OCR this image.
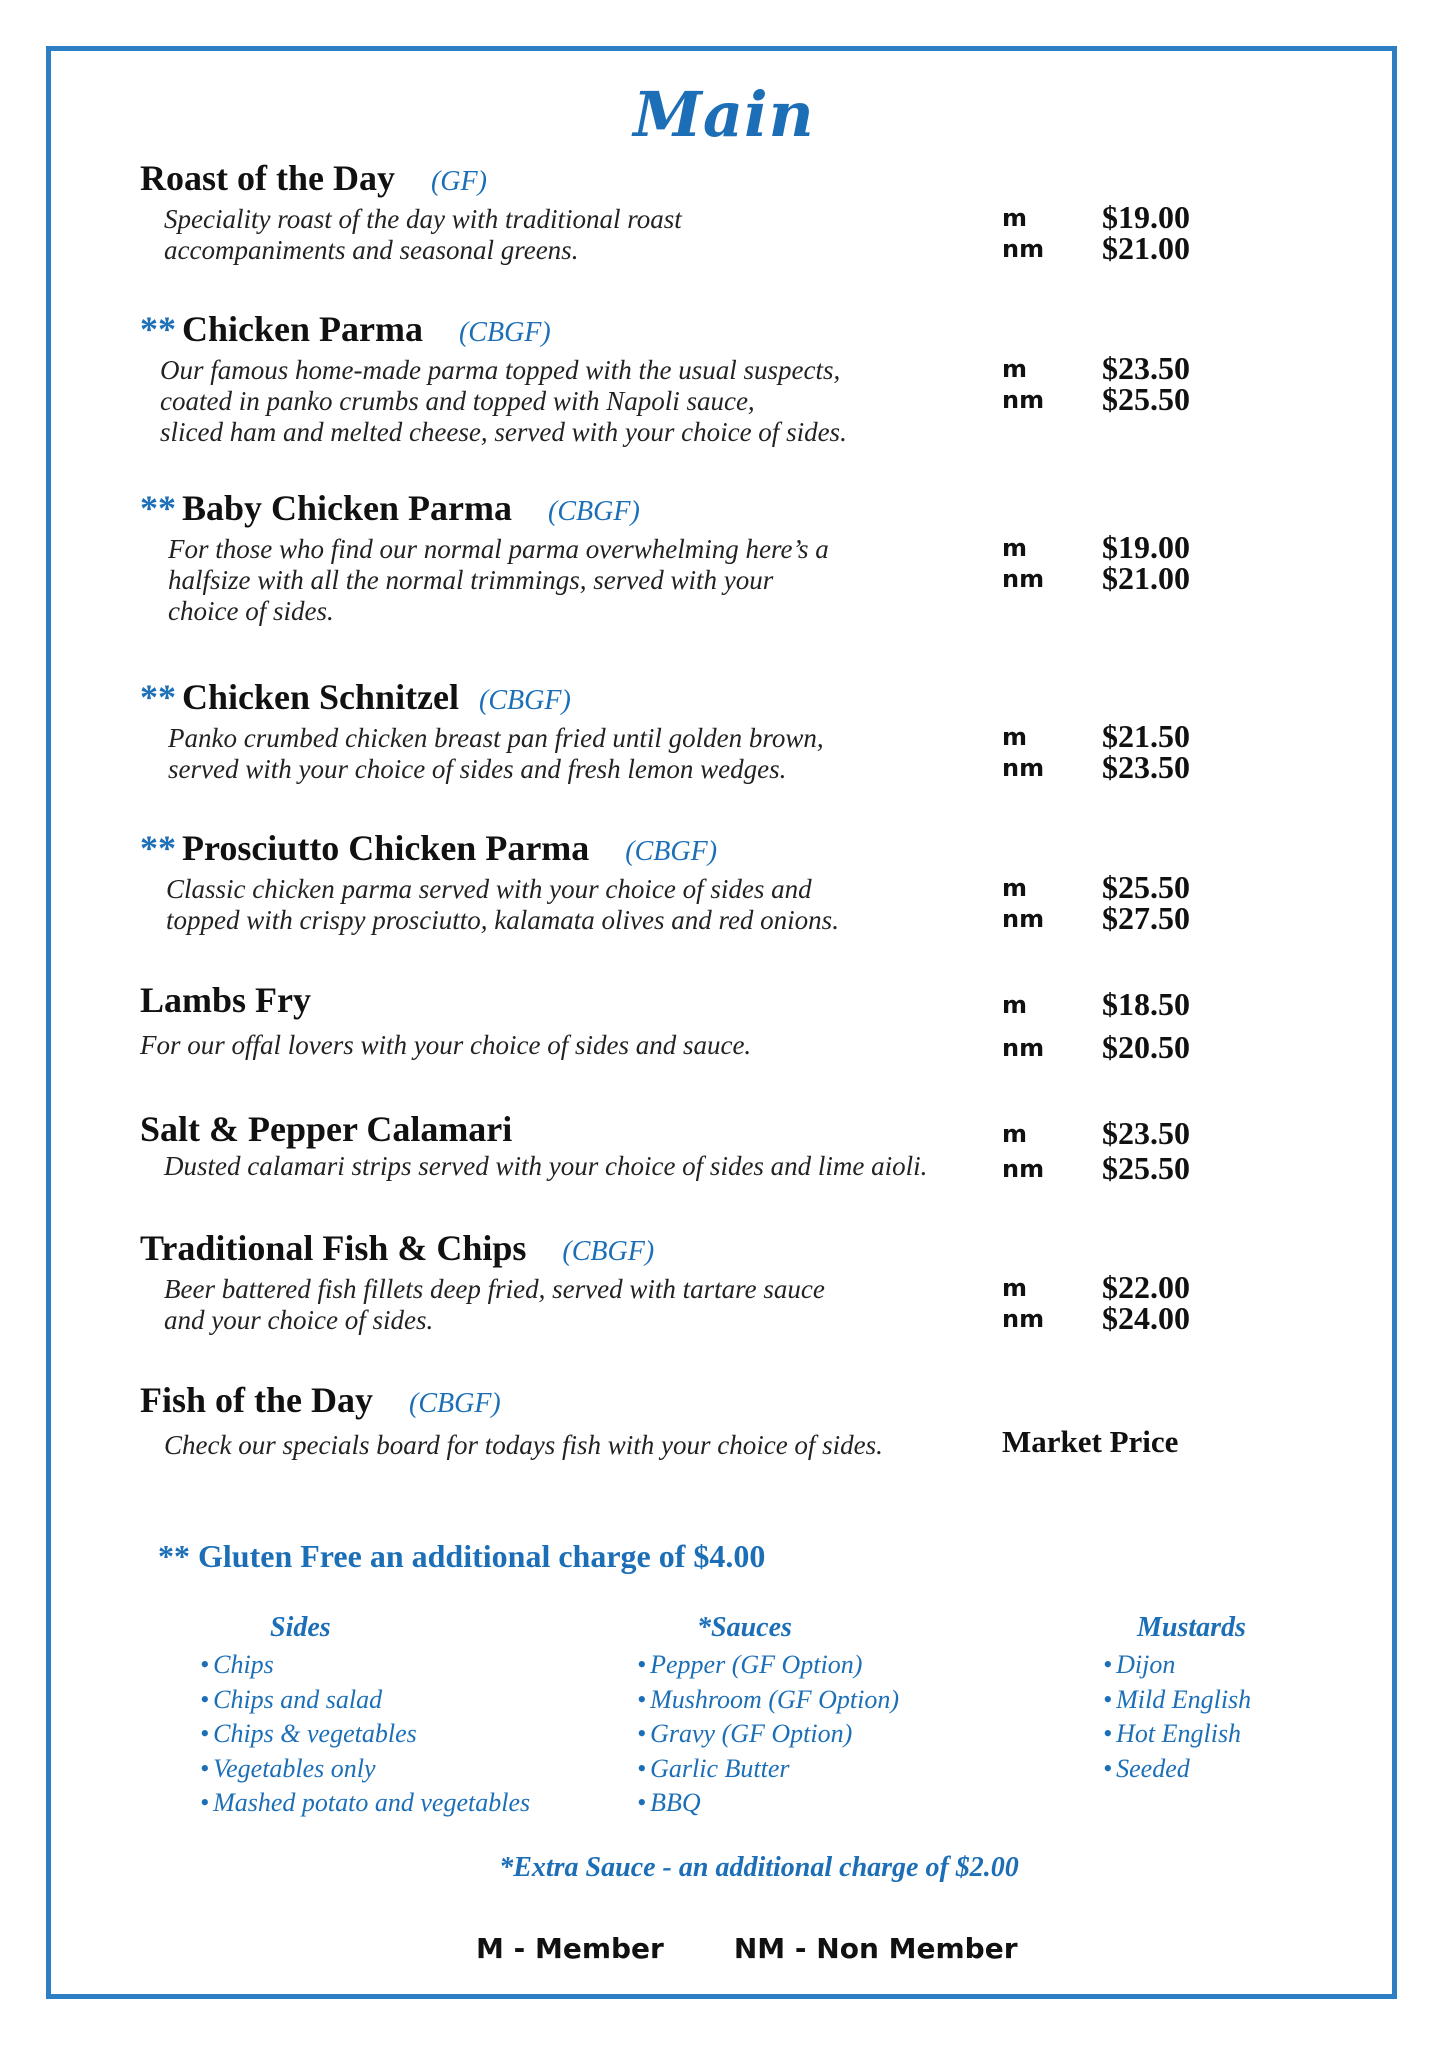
Main
Roast of the Day (GF)
Speciality roast of the day with traditional roast
accompaniments and seasonal greens.
m $19.00
nm $21.00
** Chicken Parma (CBGF)
Our famous home-made parma topped with the usual suspects,
coated in panko crumbs and topped with Napoli sauce,
sliced ham and melted cheese, served with your choice of sides.
m $23.50
nm $25.50
** Baby Chicken Parma (CBGF)
For those who find our normal parma overwhelming here’s a
halfsize with all the normal trimmings, served with your
choice of sides.
m $19.00
nm $21.00
** Chicken Schnitzel (CBGF)
Panko crumbed chicken breast pan fried until golden brown,
served with your choice of sides and fresh lemon wedges.
m $21.50
nm $23.50
** Prosciutto Chicken Parma (CBGF)
Classic chicken parma served with your choice of sides and
topped with crispy prosciutto, kalamata olives and red onions.
m $25.50
nm $27.50
Lambs Fry
For our offal lovers with your choice of sides and sauce.
m $18.50
nm $20.50
Salt & Pepper Calamari
Dusted calamari strips served with your choice of sides and lime aioli.
m $23.50
nm $25.50
Traditional Fish & Chips (CBGF)
Beer battered fish fillets deep fried, served with tartare sauce
and your choice of sides.
m $22.00
nm $24.00
Fish of the Day (CBGF)
Check our specials board for todays fish with your choice of sides.	Market Price
** Gluten Free an additional charge of $4.00
Sides
• Chips
• Chips and salad
• Chips & vegetables
• Vegetables only
• Mashed potato and vegetables
*Sauces
• Pepper (GF Option)
• Mushroom (GF Option)
• Gravy (GF Option)
• Garlic Butter
• BBQ
Mustards
• Dijon
• Mild English
• Hot English
• Seeded
*Extra Sauce - an additional charge of $2.00
M - Member	NM - Non Member
